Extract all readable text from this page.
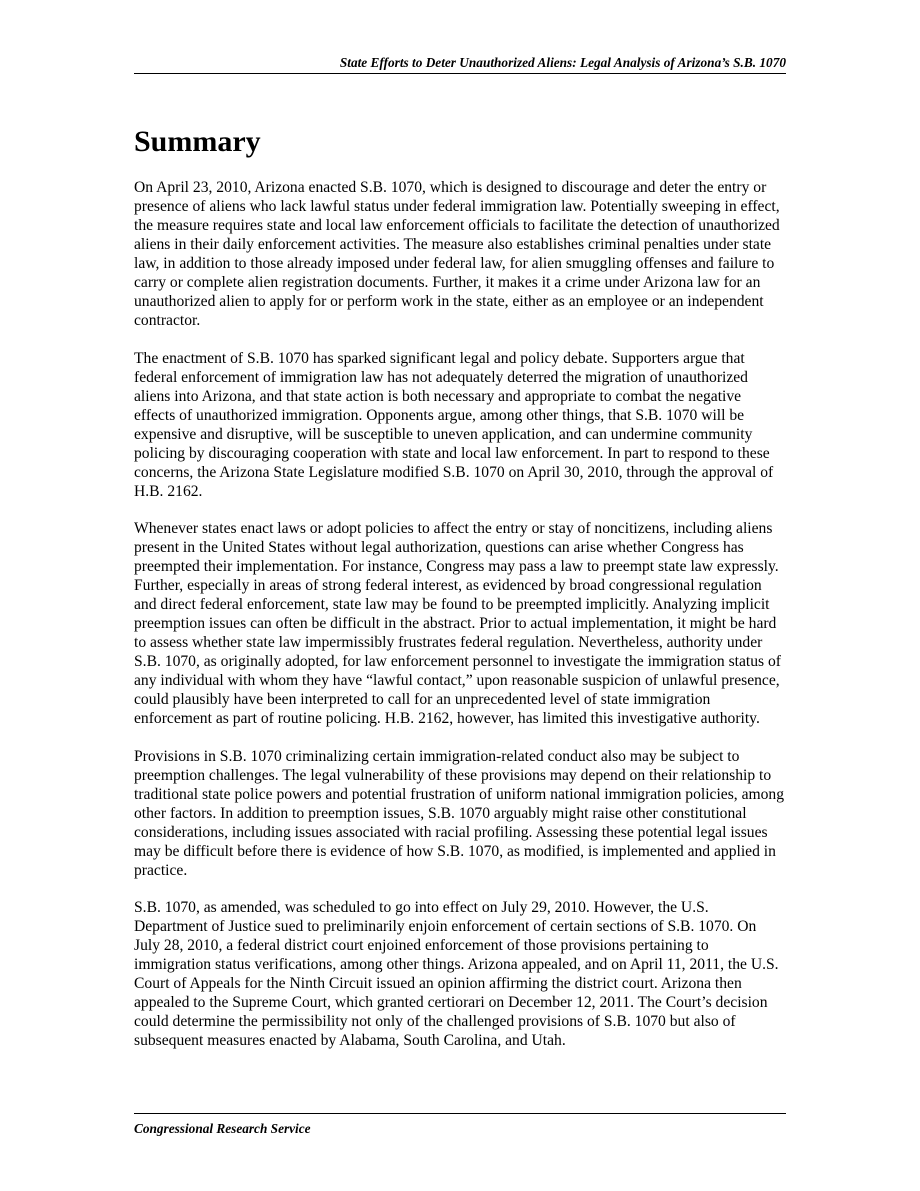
State Efforts to Deter Unauthorized Aliens: Legal Analysis of Arizona’s S.B. 1070
Summary

On April 23, 2010, Arizona enacted S.B. 1070, which is designed to discourage and deter the entry or presence of aliens who lack lawful status under federal immigration law. Potentially sweeping in effect, the measure requires state and local law enforcement officials to facilitate the detection of unauthorized aliens in their daily enforcement activities. The measure also establishes criminal penalties under state law, in addition to those already imposed under federal law, for alien smuggling offenses and failure to carry or complete alien registration documents. Further, it makes it a crime under Arizona law for an unauthorized alien to apply for or perform work in the state, either as an employee or an independent contractor.

The enactment of S.B. 1070 has sparked significant legal and policy debate. Supporters argue that federal enforcement of immigration law has not adequately deterred the migration of unauthorized aliens into Arizona, and that state action is both necessary and appropriate to combat the negative effects of unauthorized immigration. Opponents argue, among other things, that S.B. 1070 will be expensive and disruptive, will be susceptible to uneven application, and can undermine community policing by discouraging cooperation with state and local law enforcement. In part to respond to these concerns, the Arizona State Legislature modified S.B. 1070 on April 30, 2010, through the approval of H.B. 2162.

Whenever states enact laws or adopt policies to affect the entry or stay of noncitizens, including aliens present in the United States without legal authorization, questions can arise whether Congress has preempted their implementation. For instance, Congress may pass a law to preempt state law expressly. Further, especially in areas of strong federal interest, as evidenced by broad congressional regulation and direct federal enforcement, state law may be found to be preempted implicitly. Analyzing implicit preemption issues can often be difficult in the abstract. Prior to actual implementation, it might be hard to assess whether state law impermissibly frustrates federal regulation. Nevertheless, authority under S.B. 1070, as originally adopted, for law enforcement personnel to investigate the immigration status of any individual with whom they have “lawful contact,” upon reasonable suspicion of unlawful presence, could plausibly have been interpreted to call for an unprecedented level of state immigration enforcement as part of routine policing. H.B. 2162, however, has limited this investigative authority.

Provisions in S.B. 1070 criminalizing certain immigration-related conduct also may be subject to preemption challenges. The legal vulnerability of these provisions may depend on their relationship to traditional state police powers and potential frustration of uniform national immigration policies, among other factors. In addition to preemption issues, S.B. 1070 arguably might raise other constitutional considerations, including issues associated with racial profiling. Assessing these potential legal issues may be difficult before there is evidence of how S.B. 1070, as modified, is implemented and applied in practice.

S.B. 1070, as amended, was scheduled to go into effect on July 29, 2010. However, the U.S. Department of Justice sued to preliminarily enjoin enforcement of certain sections of S.B. 1070. On July 28, 2010, a federal district court enjoined enforcement of those provisions pertaining to immigration status verifications, among other things. Arizona appealed, and on April 11, 2011, the U.S. Court of Appeals for the Ninth Circuit issued an opinion affirming the district court. Arizona then appealed to the Supreme Court, which granted certiorari on December 12, 2011. The Court’s decision could determine the permissibility not only of the challenged provisions of S.B. 1070 but also of subsequent measures enacted by Alabama, South Carolina, and Utah.

Congressional Research Service
